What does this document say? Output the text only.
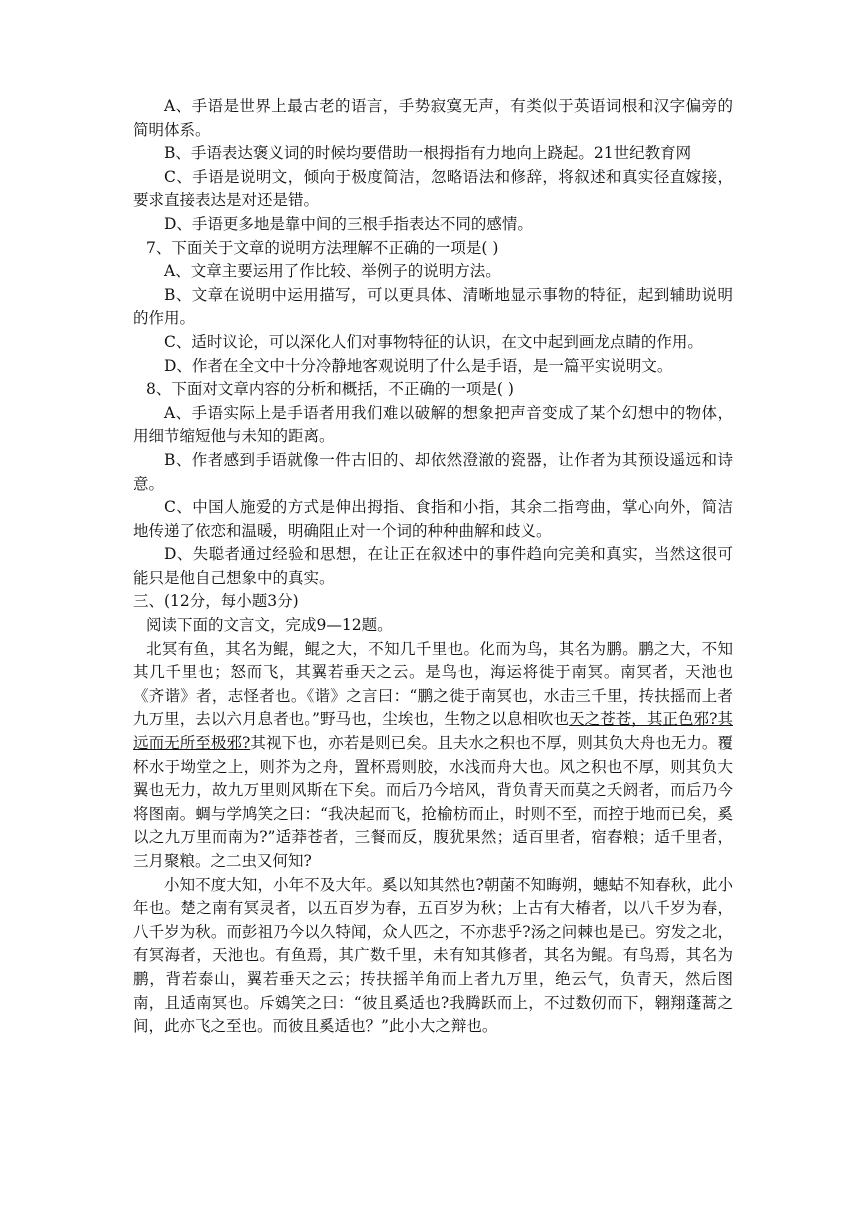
A、手语是世界上最古老的语言，手势寂寞无声，有类似于英语词根和汉字偏旁的简明体系。

B、手语表达褒义词的时候均要借助一根拇指有力地向上跷起。21世纪教育网

C、手语是说明文，倾向于极度简洁，忽略语法和修辞，将叙述和真实径直嫁接，要求直接表达是对还是错。

D、手语更多地是靠中间的三根手指表达不同的感情。

7、下面关于文章的说明方法理解不正确的一项是( )

A、文章主要运用了作比较、举例子的说明方法。

B、文章在说明中运用描写，可以更具体、清晰地显示事物的特征，起到辅助说明的作用。

C、适时议论，可以深化人们对事物特征的认识，在文中起到画龙点睛的作用。

D、作者在全文中十分冷静地客观说明了什么是手语，是一篇平实说明文。

8、下面对文章内容的分析和概括，不正确的一项是( )

A、手语实际上是手语者用我们难以破解的想象把声音变成了某个幻想中的物体，用细节缩短他与未知的距离。

B、作者感到手语就像一件古旧的、却依然澄澈的瓷器，让作者为其预设遥远和诗意。

C、中国人施爱的方式是伸出拇指、食指和小指，其余二指弯曲，掌心向外，简洁地传递了依恋和温暖，明确阻止对一个词的种种曲解和歧义。

D、失聪者通过经验和思想，在让正在叙述中的事件趋向完美和真实，当然这很可能只是他自己想象中的真实。

三、(12分，每小题3分)

阅读下面的文言文，完成9—12题。

北冥有鱼，其名为鲲，鲲之大，不知几千里也。化而为鸟，其名为鹏。鹏之大，不知其几千里也；怒而飞，其翼若垂天之云。是鸟也，海运将徙于南冥。南冥者，天池也《齐谐》者，志怪者也。《谐》之言曰：“鹏之徙于南冥也，水击三千里，抟扶摇而上者九万里，去以六月息者也。”野马也，尘埃也，生物之以息相吹也天之苍苍，其正色邪?其远而无所至极邪?其视下也，亦若是则已矣。且夫水之积也不厚，则其负大舟也无力。覆杯水于坳堂之上，则芥为之舟，置杯焉则胶，水浅而舟大也。风之积也不厚，则其负大翼也无力，故九万里则风斯在下矣。而后乃今培风，背负青天而莫之夭阏者，而后乃今将图南。蜩与学鸠笑之曰：“我决起而飞，抢榆枋而止，时则不至，而控于地而已矣，奚以之九万里而南为?”适莽苍者，三餐而反，腹犹果然；适百里者，宿舂粮；适千里者，三月聚粮。之二虫又何知?

小知不度大知，小年不及大年。奚以知其然也?朝菌不知晦朔，蟪蛄不知春秋，此小年也。楚之南有冥灵者，以五百岁为春，五百岁为秋；上古有大椿者，以八千岁为春，八千岁为秋。而彭祖乃今以久特闻，众人匹之，不亦悲乎?汤之问棘也是已。穷发之北，有冥海者，天池也。有鱼焉，其广数千里，未有知其修者，其名为鲲。有鸟焉，其名为鹏，背若泰山，翼若垂天之云；抟扶摇羊角而上者九万里，绝云气，负青天，然后图南，且适南冥也。斥鴳笑之曰：“彼且奚适也?我腾跃而上，不过数仞而下，翱翔蓬蒿之间，此亦飞之至也。而彼且奚适也？”此小大之辩也。
